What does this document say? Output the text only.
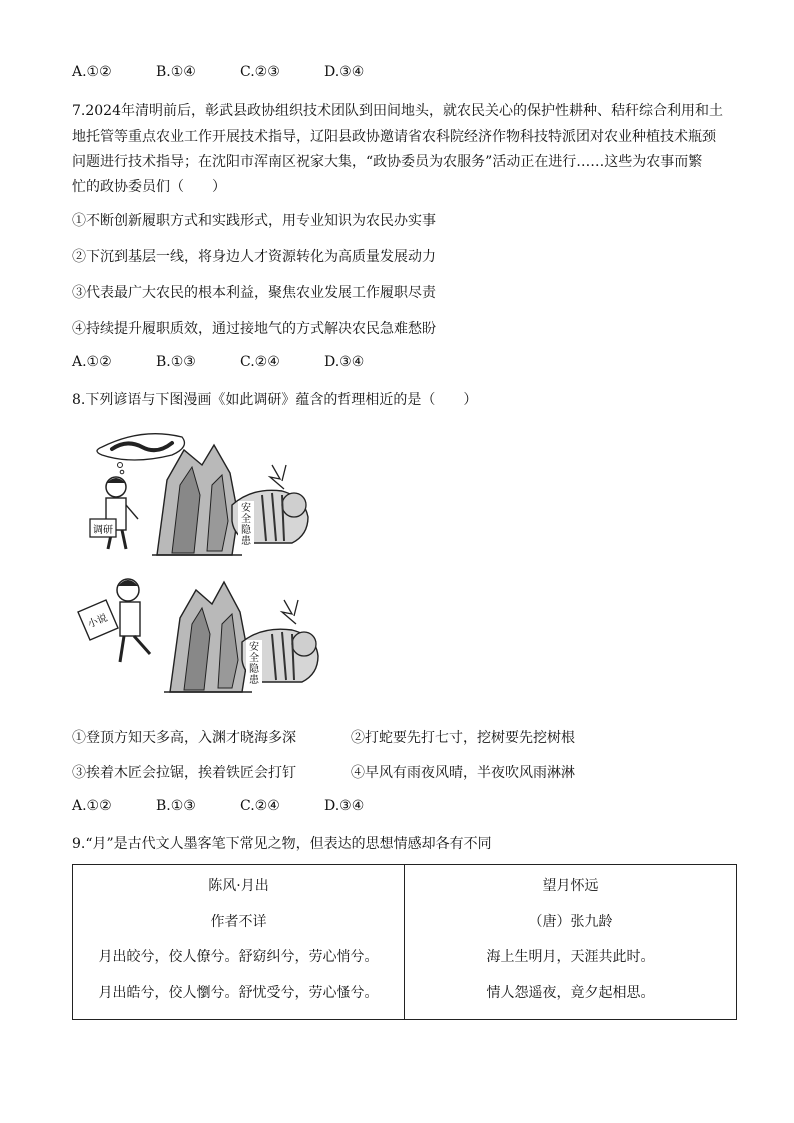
A.①②	B.①④	C.②③	D.③④
7.2024年清明前后，彰武县政协组织技术团队到田间地头，就农民关心的保护性耕种、秸秆综合利用和土
地托管等重点农业工作开展技术指导，辽阳县政协邀请省农科院经济作物科技特派团对农业种植技术瓶颈
问题进行技术指导；在沈阳市浑南区祝家大集，“政协委员为农服务”活动正在进行……这些为农事而繁
忙的政协委员们（　　）
①不断创新履职方式和实践形式，用专业知识为农民办实事
②下沉到基层一线，将身边人才资源转化为高质量发展动力
③代表最广大农民的根本利益，聚焦农业发展工作履职尽责
④持续提升履职质效，通过接地气的方式解决农民急难愁盼
A.①②	B.①③	C.②④	D.③④
8.下列谚语与下图漫画《如此调研》蕴含的哲理相近的是（　　）
调研
安
全
隐
患
小说
安
全
隐
患
①登顶方知天多高，入渊才晓海多深	②打蛇要先打七寸，挖树要先挖树根
③挨着木匠会拉锯，挨着铁匠会打钉	④早风有雨夜风晴，半夜吹风雨淋淋
A.①②	B.①③	C.②④	D.③④
9.“月”是古代文人墨客笔下常见之物，但表达的思想情感却各有不同
陈风·月出
作者不详
月出皎兮，佼人僚兮。舒窈纠兮，劳心悄兮。
月出皓兮，佼人懰兮。舒忧受兮，劳心慅兮。

望月怀远
（唐）张九龄
海上生明月，天涯共此时。
情人怨遥夜，竟夕起相思。
